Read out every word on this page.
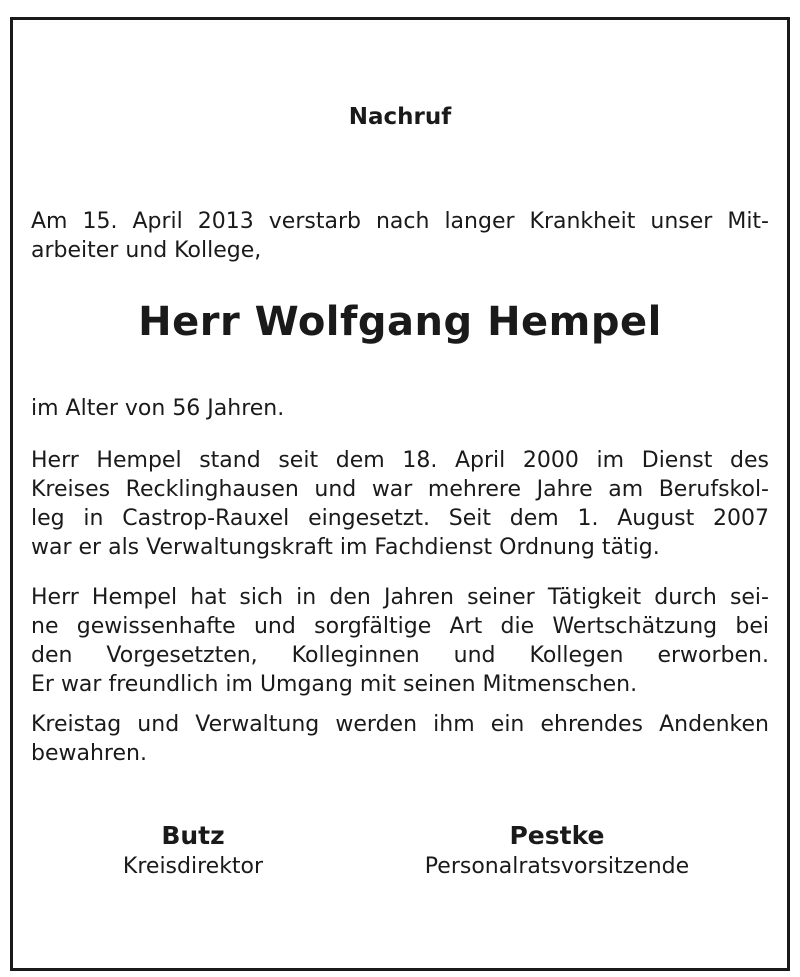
Nachruf
Am 15. April 2013 verstarb nach langer Krankheit unser Mit-
arbeiter und Kollege,
Herr Wolfgang Hempel
im Alter von 56 Jahren.
Herr Hempel stand seit dem 18. April 2000 im Dienst des
Kreises Recklinghausen und war mehrere Jahre am Berufskol-
leg in Castrop-Rauxel eingesetzt. Seit dem 1. August 2007
war er als Verwaltungskraft im Fachdienst Ordnung tätig.
Herr Hempel hat sich in den Jahren seiner Tätigkeit durch sei-
ne gewissenhafte und sorgfältige Art die Wertschätzung bei
den Vorgesetzten, Kolleginnen und Kollegen erworben.
Er war freundlich im Umgang mit seinen Mitmenschen.
Kreistag und Verwaltung werden ihm ein ehrendes Andenken
bewahren.
Butz
Kreisdirektor
Pestke
Personalratsvorsitzende
